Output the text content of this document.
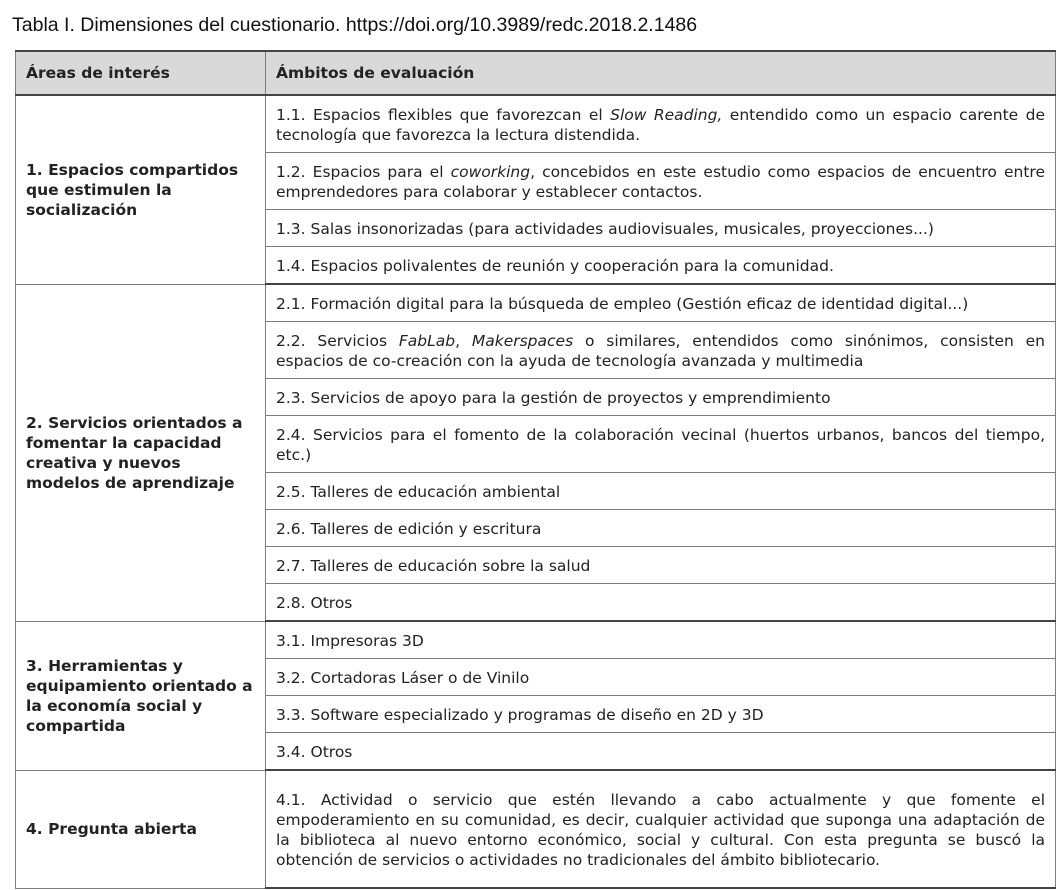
Tabla I. Dimensiones del cuestionario. https://doi.org/10.3989/redc.2018.2.1486
Áreas de interés	Ámbitos de evaluación
1. Espacios compartidos que estimulen la socialización	1.1. Espacios flexibles que favorezcan el Slow Reading, entendido como un espacio carente de tecnología que favorezca la lectura distendida.
	1.2. Espacios para el coworking, concebidos en este estudio como espacios de encuentro entre emprendedores para colaborar y establecer contactos.
	1.3. Salas insonorizadas (para actividades audiovisuales, musicales, proyecciones...)
	1.4. Espacios polivalentes de reunión y cooperación para la comunidad.
2. Servicios orientados a fomentar la capacidad creativa y nuevos modelos de aprendizaje	2.1. Formación digital para la búsqueda de empleo (Gestión eficaz de identidad digital...)
	2.2. Servicios FabLab, Makerspaces o similares, entendidos como sinónimos, consisten en espacios de co-creación con la ayuda de tecnología avanzada y multimedia
	2.3. Servicios de apoyo para la gestión de proyectos y emprendimiento
	2.4. Servicios para el fomento de la colaboración vecinal (huertos urbanos, bancos del tiempo, etc.)
	2.5. Talleres de educación ambiental
	2.6. Talleres de edición y escritura
	2.7. Talleres de educación sobre la salud
	2.8. Otros
3. Herramientas y equipamiento orientado a la economía social y compartida	3.1. Impresoras 3D
	3.2. Cortadoras Láser o de Vinilo
	3.3. Software especializado y programas de diseño en 2D y 3D
	3.4. Otros
4. Pregunta abierta	4.1. Actividad o servicio que estén llevando a cabo actualmente y que fomente el empoderamiento en su comunidad, es decir, cualquier actividad que suponga una adaptación de la biblioteca al nuevo entorno económico, social y cultural. Con esta pregunta se buscó la obtención de servicios o actividades no tradicionales del ámbito bibliotecario.
